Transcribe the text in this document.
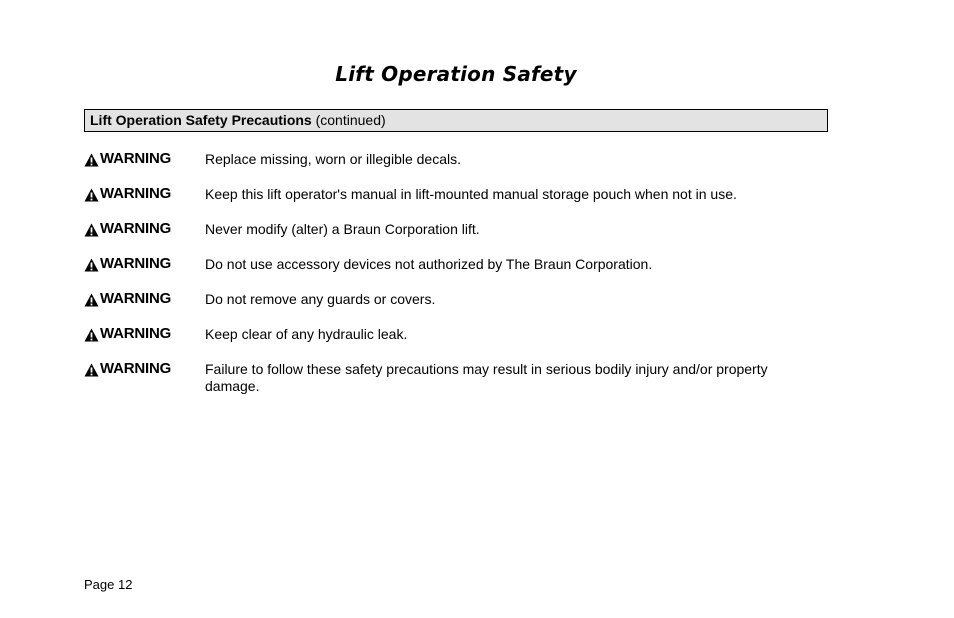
Lift Operation Safety
Lift Operation Safety Precautions (continued)
WARNING Replace missing, worn or illegible decals.
WARNING Keep this lift operator's manual in lift-mounted manual storage pouch when not in use.
WARNING Never modify (alter) a Braun Corporation lift.
WARNING Do not use accessory devices not authorized by The Braun Corporation.
WARNING Do not remove any guards or covers.
WARNING Keep clear of any hydraulic leak.
WARNING Failure to follow these safety precautions may result in serious bodily injury and/or property damage.
Page 12
